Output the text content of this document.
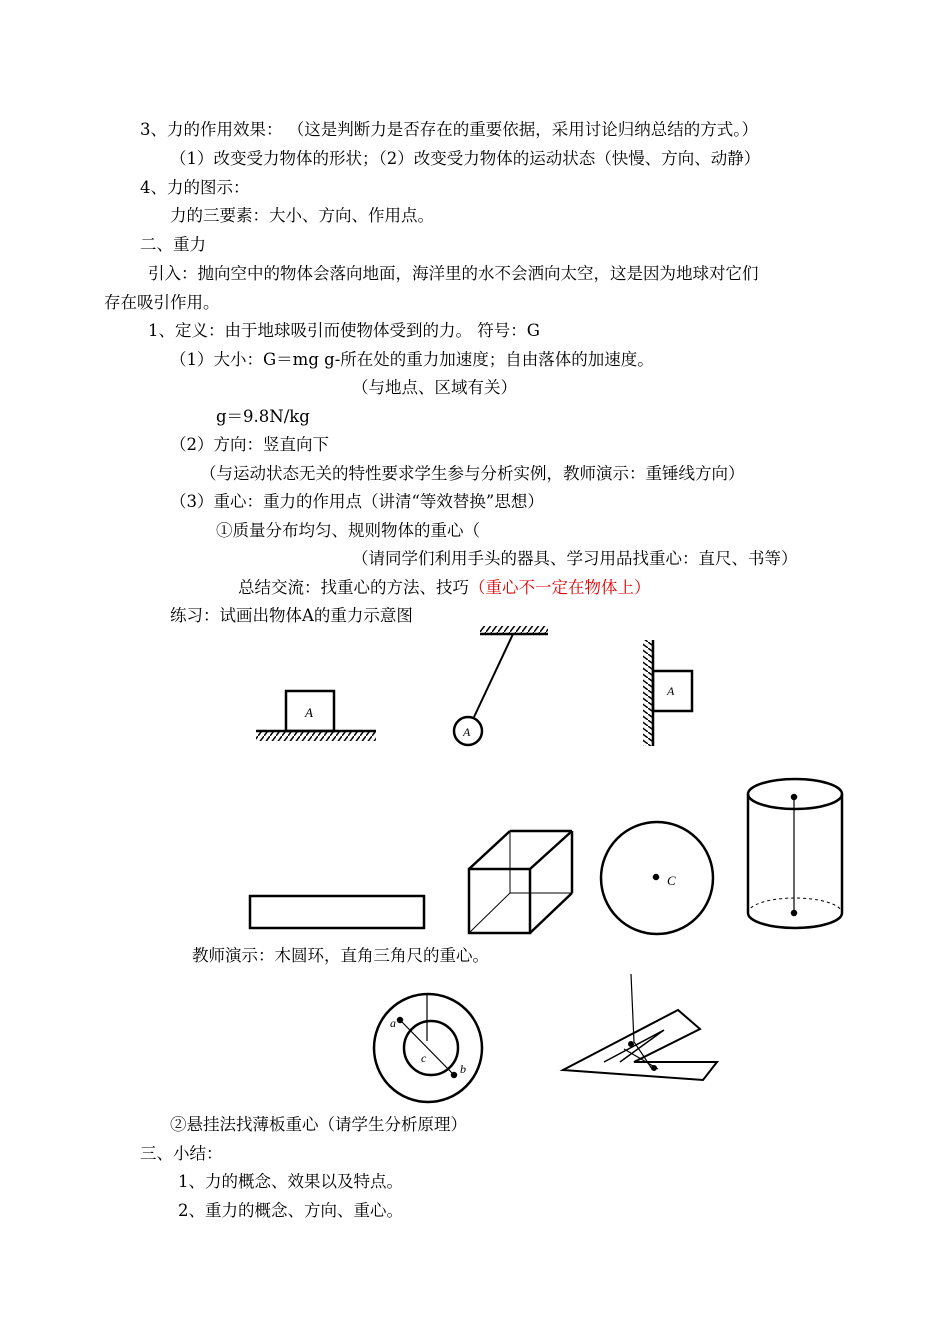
3、力的作用效果： （这是判断力是否存在的重要依据，采用讨论归纳总结的方式。）
（1）改变受力物体的形状；（2）改变受力物体的运动状态（快慢、方向、动静）
4、力的图示：
力的三要素：大小、方向、作用点。
二、重力
引入：抛向空中的物体会落向地面，海洋里的水不会洒向太空，这是因为地球对它们
存在吸引作用。
1、定义：由于地球吸引而使物体受到的力。 符号：G
（1）大小：G＝mg g-所在处的重力加速度；自由落体的加速度。
（与地点、区域有关）
g＝9.8N/kg
（2）方向：竖直向下
（与运动状态无关的特性要求学生参与分析实例，教师演示：重锤线方向）
（3）重心：重力的作用点（讲清“等效替换”思想）
①质量分布均匀、规则物体的重心（
（请同学们利用手头的器具、学习用品找重心：直尺、书等）
总结交流：找重心的方法、技巧（重心不一定在物体上）
练习：试画出物体A的重力示意图
教师演示：木圆环，直角三角尺的重心。
②悬挂法找薄板重心（请学生分析原理）
三、小结：
1、力的概念、效果以及特点。
2、重力的概念、方向、重心。
A
A
A
C
a
c
b
